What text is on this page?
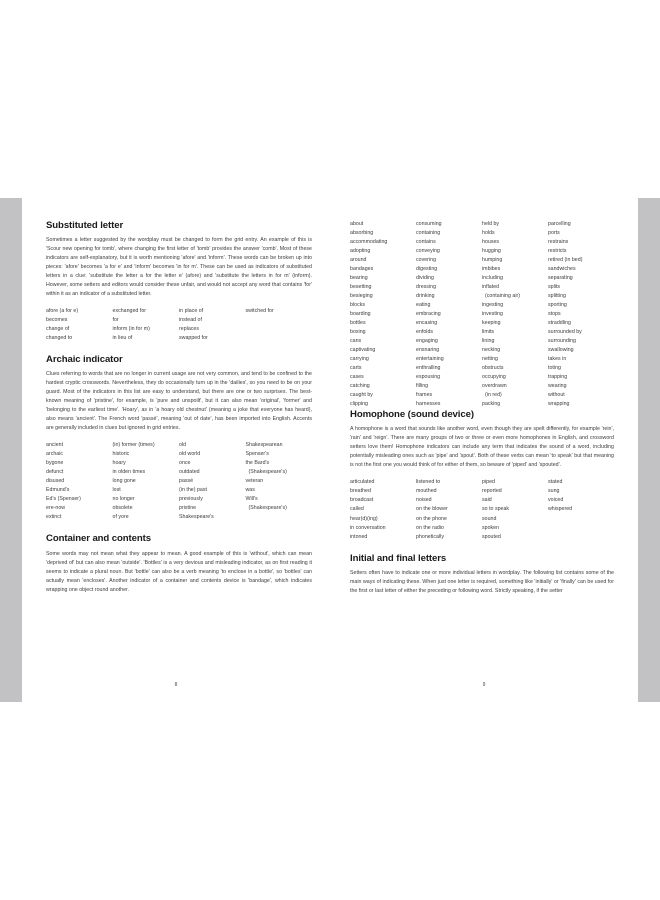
Substituted letter

Sometimes a letter suggested by the wordplay must be changed to form the grid entry. An example of this is 'Scour new opening for tomb', where changing the first letter of 'tomb' provides the answer 'comb'. Most of these indicators are self-explanatory, but it is worth mentioning 'afore' and 'inform'. These words can be broken up into pieces: 'afore' becomes 'a for e' and 'inform' becomes 'in for m'. These can be used as indicators of substituted letters in a clue: 'substitute the letter a for the letter e' (afore) and 'substitute the letters in for m' (inform). However, some setters and editors would consider these unfair, and would not accept any word that contains 'for' within it as an indicator of a substituted letter.

afore (a for e)
becomes
change of
changed to
exchanged for
for
inform (in for m)
in lieu of
in place of
instead of
replaces
swapped for
switched for
Archaic indicator

Clues referring to words that are no longer in current usage are not very common, and tend to be confined to the hardest cryptic crosswords. Nevertheless, they do occasionally turn up in the 'dailies', so you need to be on your guard. Most of the indicators in this list are easy to understand, but there are one or two surprises. The best-known meaning of 'pristine', for example, is 'pure and unspoilt', but it can also mean 'original', 'former' and 'belonging to the earliest time'. 'Hoary', as in 'a hoary old chestnut' (meaning a joke that everyone has heard), also means 'ancient'. The French word 'passé', meaning 'out of date', has been imported into English. Accents are generally included in clues but ignored in grid entries.

ancient
archaic
bygone
defunct
disused
Edmund's
Ed's (Spenser)
ere-now
extinct
(in) former (times)
historic
hoary
in olden times
long gone
lost
no longer
obsolete
of yore
old
old world
once
outdated
passé
(in the) past
previously
pristine
Shakespeare's
Shakespearean
Spenser's
the Bard's
(Shakespeare's)
veteran
was
Will's
(Shakespeare's)
Container and contents

Some words may not mean what they appear to mean. A good example of this is 'without', which can mean 'deprived of' but can also mean 'outside'. 'Bottles' is a very devious and misleading indicator, as on first reading it seems to indicate a plural noun. But 'bottle' can also be a verb meaning 'to enclose in a bottle', so 'bottles' can actually mean 'encloses'. Another indicator of a container and contents device is 'bandage', which indicates wrapping one object round another.

8
about
absorbing
accommodating
adopting
around
bandages
bearing
besetting
besieging
blocks
boarding
bottles
boxing
cans
captivating
carrying
carts
cases
catching
caught by
clipping
consuming
containing
contains
conveying
covering
digesting
dividing
dressing
drinking
eating
embracing
encasing
enfolds
engaging
ensnaring
entertaining
enthralling
espousing
filling
frames
harnesses
held by
holds
houses
hugging
humping
imbibes
including
inflated
(containing air)
ingesting
investing
keeping
limits
lining
necking
netting
obstructs
occupying
overdrawn
(in red)
packing
parcelling
ports
restrains
restricts
retired (in bed)
sandwiches
separating
splits
splitting
sporting
stops
straddling
surrounded by
surrounding
swallowing
takes in
toting
trapping
wearing
without
wrapping
Homophone (sound device)

A homophone is a word that sounds like another word, even though they are spelt differently, for example 'rein', 'rain' and 'reign'. There are many groups of two or three or even more homophones in English, and crossword setters love them! Homophone indicators can include any term that indicates the sound of a word, including potentially misleading ones such as 'pipe' and 'spout'. Both of these verbs can mean 'to speak' but that meaning is not the first one you would think of for either of them, so beware of 'piped' and 'spouted'.

articulated
breathed
broadcast
called
hear(d)(ing)
in conversation
intoned
listened to
mouthed
noised
on the blower
on the phone
on the radio
phonetically
piped
reported
said
so to speak
sound
spoken
spouted
stated
sung
voiced
whispered
Initial and final letters

Setters often have to indicate one or more individual letters in wordplay. The following list contains some of the main ways of indicating these. When just one letter is required, something like 'initially' or 'finally' can be used for the first or last letter of either the preceding or following word. Strictly speaking, if the setter

9
